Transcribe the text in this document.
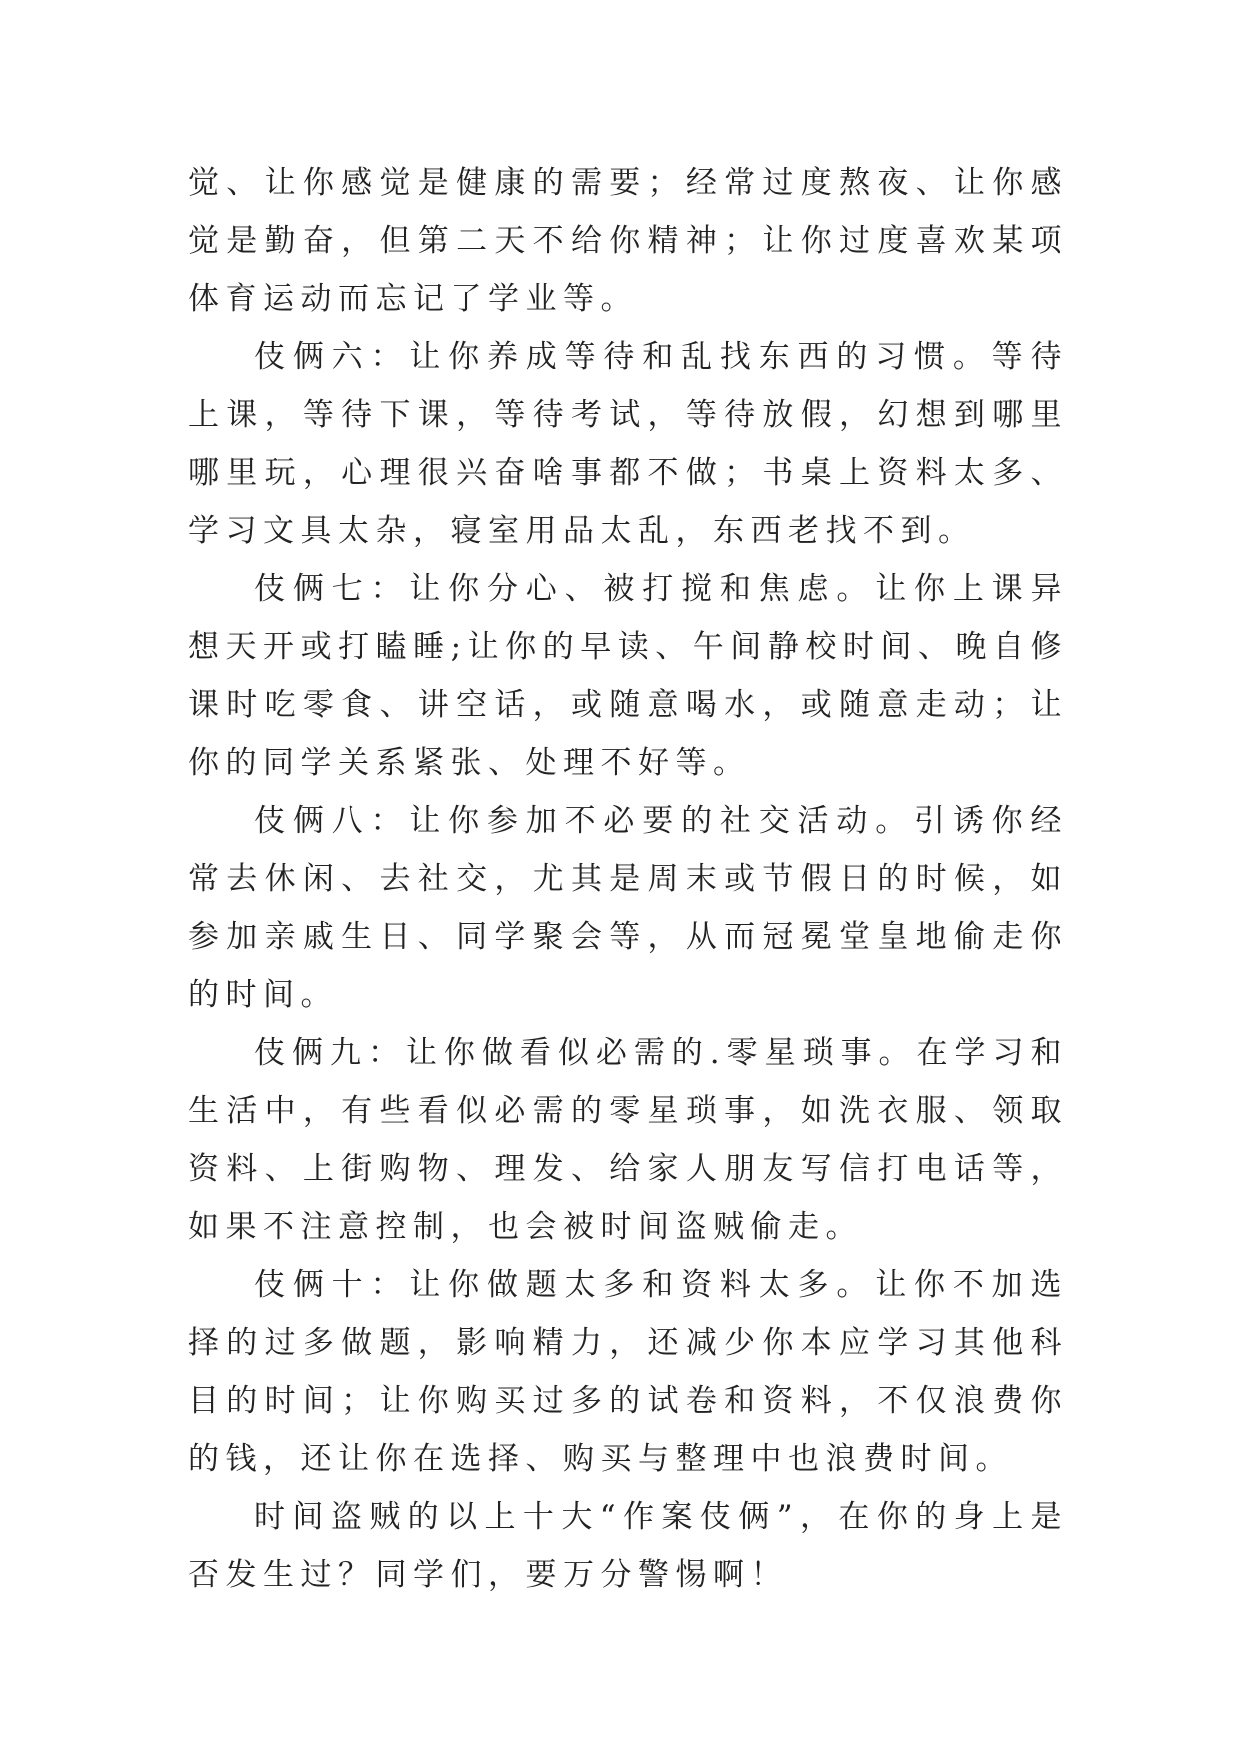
觉、让你感觉是健康的需要；经常过度熬夜、让你感觉是勤奋，但第二天不给你精神；让你过度喜欢某项体育运动而忘记了学业等。

伎俩六：让你养成等待和乱找东西的习惯。等待上课，等待下课，等待考试，等待放假，幻想到哪里哪里玩，心理很兴奋啥事都不做；书桌上资料太多、学习文具太杂，寝室用品太乱，东西老找不到。

伎俩七：让你分心、被打搅和焦虑。让你上课异想天开或打瞌睡;让你的早读、午间静校时间、晚自修课时吃零食、讲空话，或随意喝水，或随意走动；让你的同学关系紧张、处理不好等。

伎俩八：让你参加不必要的社交活动。引诱你经常去休闲、去社交，尤其是周末或节假日的时候，如参加亲戚生日、同学聚会等，从而冠冕堂皇地偷走你的时间。

伎俩九：让你做看似必需的.零星琐事。在学习和生活中，有些看似必需的零星琐事，如洗衣服、领取资料、上街购物、理发、给家人朋友写信打电话等，如果不注意控制，也会被时间盗贼偷走。

伎俩十：让你做题太多和资料太多。让你不加选择的过多做题，影响精力，还减少你本应学习其他科目的时间；让你购买过多的试卷和资料，不仅浪费你的钱，还让你在选择、购买与整理中也浪费时间。

时间盗贼的以上十大“作案伎俩”，在你的身上是否发生过？同学们，要万分警惕啊！
